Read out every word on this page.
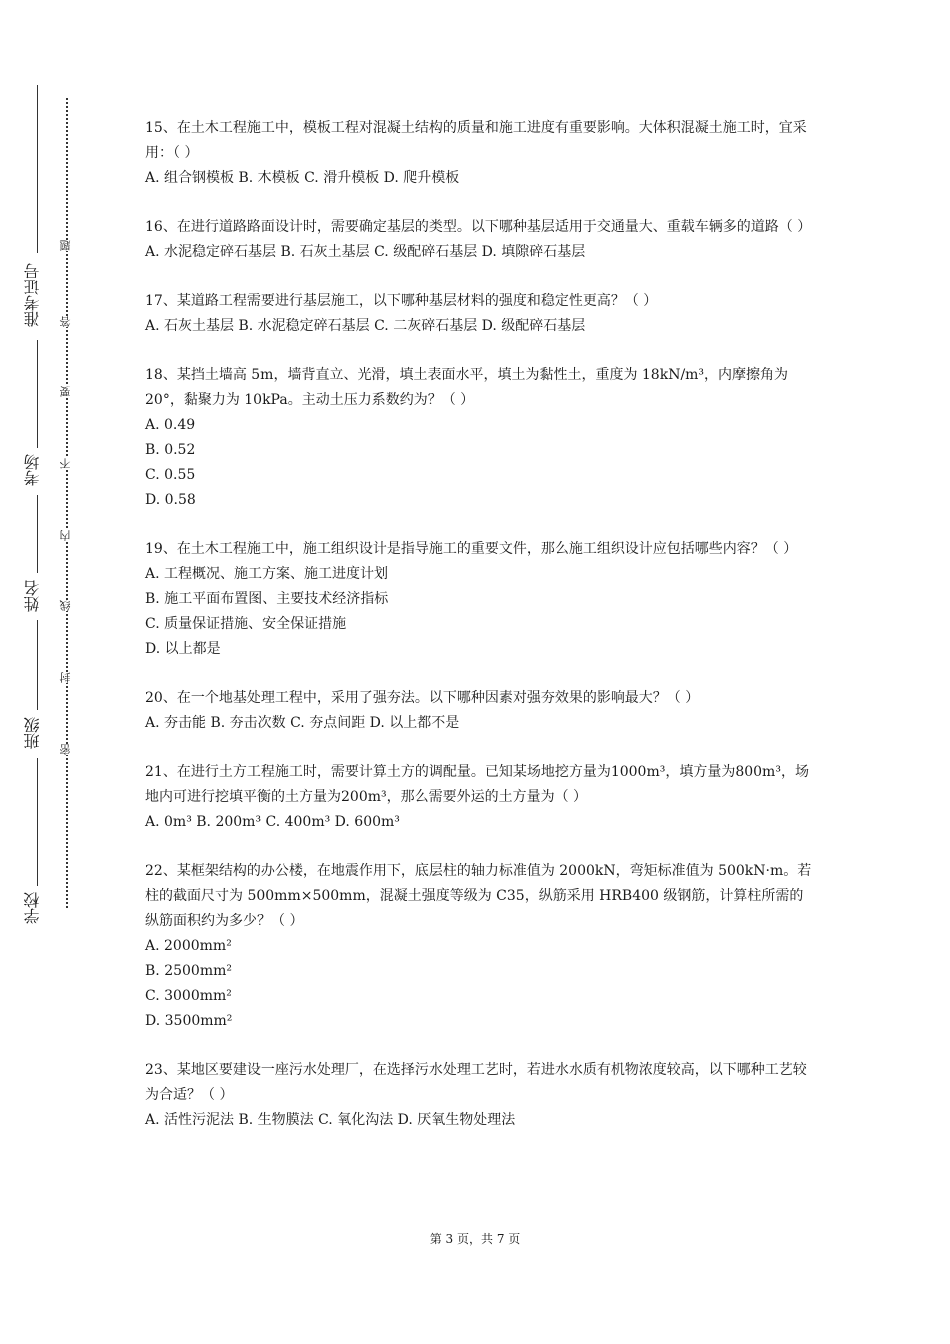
准考证号
考场
姓名
班级
学校
题
答
要
不
内
线
封
密

15、在土木工程施工中，模板工程对混凝土结构的质量和施工进度有重要影响。大体积混凝土施工时，宜采用：（ ）

A. 组合钢模板 B. 木模板 C. 滑升模板 D. 爬升模板

16、在进行道路路面设计时，需要确定基层的类型。以下哪种基层适用于交通量大、重载车辆多的道路（ ）

A. 水泥稳定碎石基层 B. 石灰土基层 C. 级配碎石基层 D. 填隙碎石基层

17、某道路工程需要进行基层施工，以下哪种基层材料的强度和稳定性更高？（ ）

A. 石灰土基层 B. 水泥稳定碎石基层 C. 二灰碎石基层 D. 级配碎石基层

18、某挡土墙高 5m，墙背直立、光滑，填土表面水平，填土为黏性土，重度为 18kN/m³，内摩擦角为 20°，黏聚力为 10kPa。主动土压力系数约为？（ ）

A. 0.49

B. 0.52

C. 0.55

D. 0.58

19、在土木工程施工中，施工组织设计是指导施工的重要文件，那么施工组织设计应包括哪些内容？（ ）

A. 工程概况、施工方案、施工进度计划

B. 施工平面布置图、主要技术经济指标

C. 质量保证措施、安全保证措施

D. 以上都是

20、在一个地基处理工程中，采用了强夯法。以下哪种因素对强夯效果的影响最大？（ ）

A. 夯击能 B. 夯击次数 C. 夯点间距 D. 以上都不是

21、在进行土方工程施工时，需要计算土方的调配量。已知某场地挖方量为1000m³，填方量为800m³，场地内可进行挖填平衡的土方量为200m³，那么需要外运的土方量为（ ）

A. 0m³ B. 200m³ C. 400m³ D. 600m³

22、某框架结构的办公楼，在地震作用下，底层柱的轴力标准值为 2000kN，弯矩标准值为 500kN·m。若柱的截面尺寸为 500mm×500mm，混凝土强度等级为 C35，纵筋采用 HRB400 级钢筋，计算柱所需的纵筋面积约为多少？（ ）

A. 2000mm²

B. 2500mm²

C. 3000mm²

D. 3500mm²

23、某地区要建设一座污水处理厂，在选择污水处理工艺时，若进水水质有机物浓度较高，以下哪种工艺较为合适？（ ）

A. 活性污泥法 B. 生物膜法 C. 氧化沟法 D. 厌氧生物处理法

第 3 页，共 7 页
